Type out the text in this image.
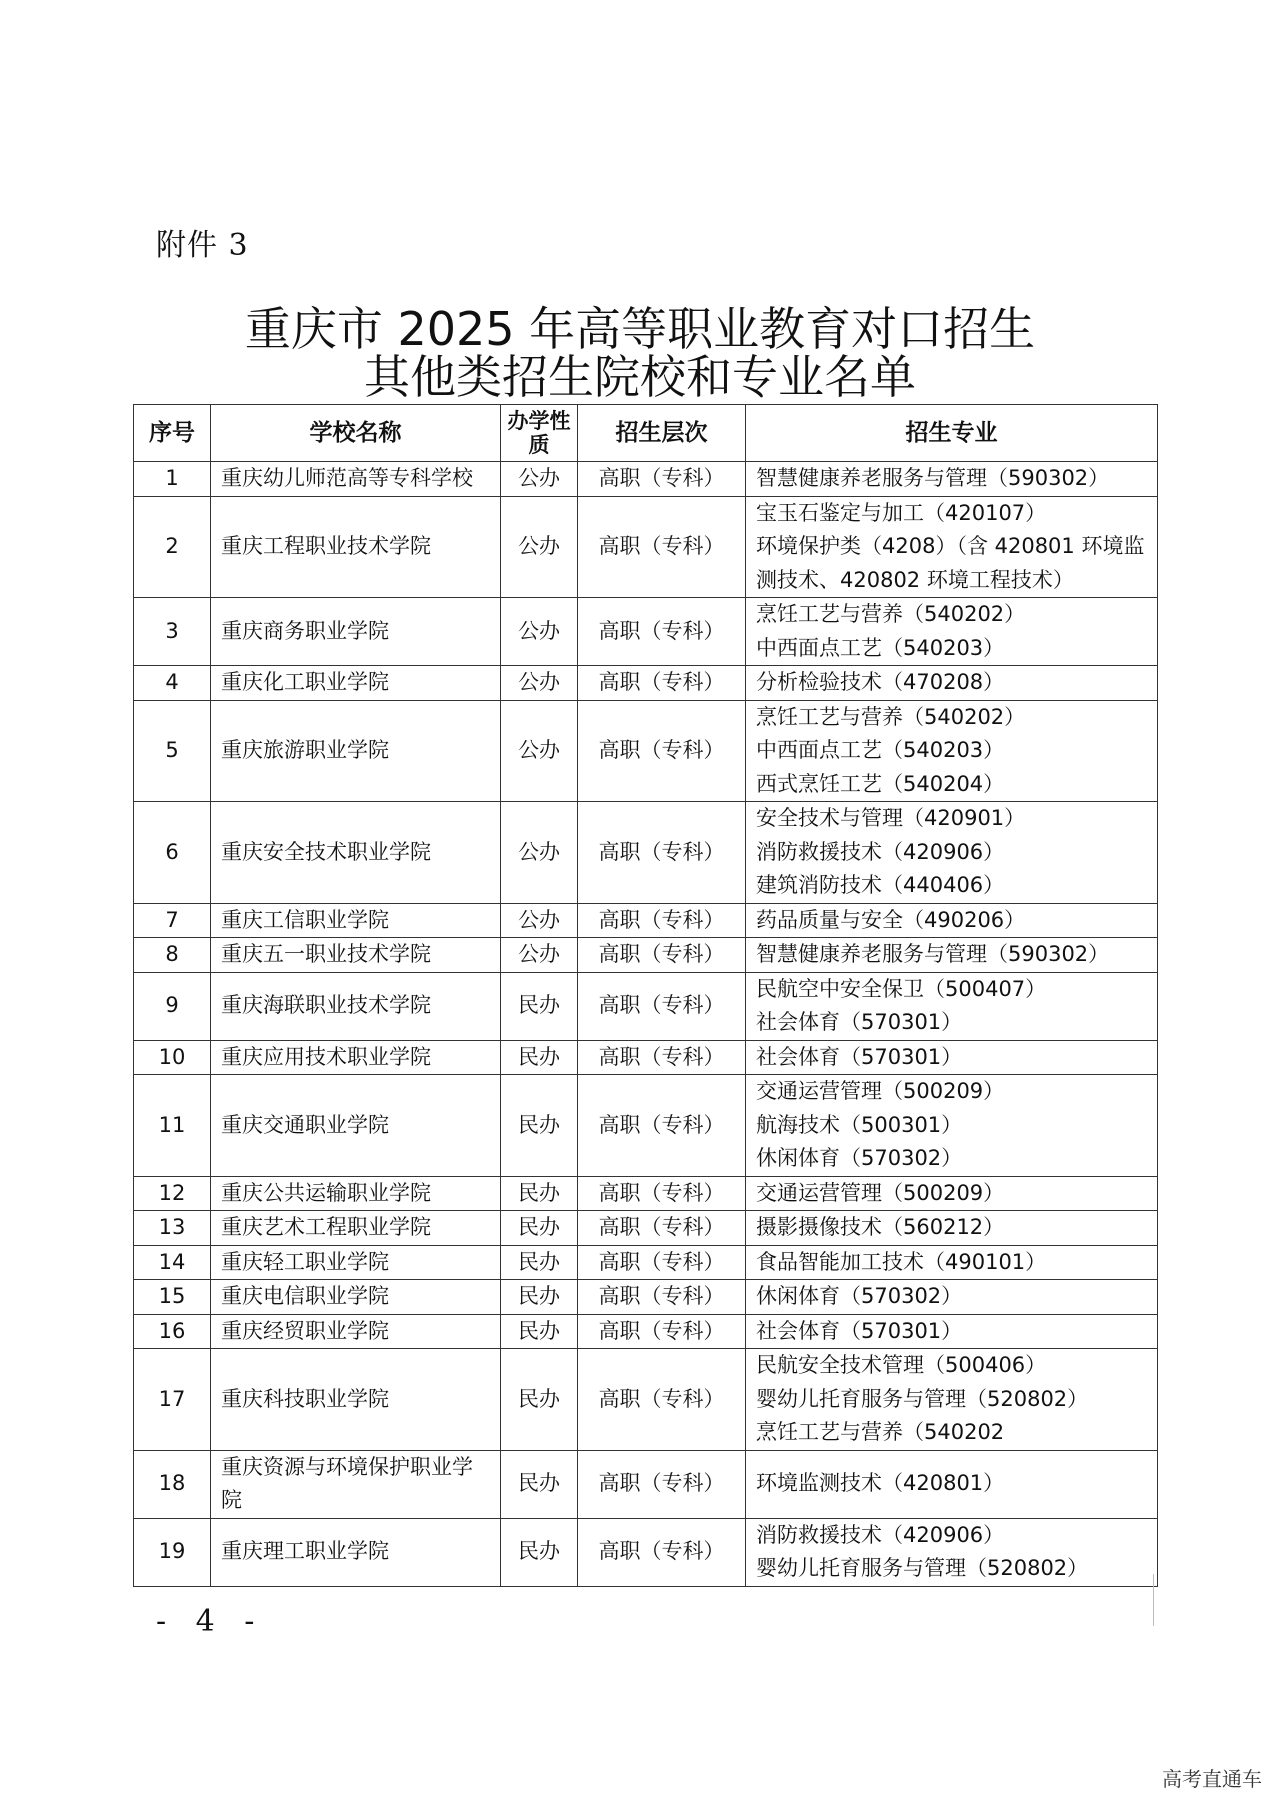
附件 3
重庆市 2025 年高等职业教育对口招生
其他类招生院校和专业名单
序号	学校名称	办学性质	招生层次	招生专业
1	重庆幼儿师范高等专科学校	公办	高职（专科）	智慧健康养老服务与管理（590302）

2	重庆工程职业技术学院	公办	高职（专科）	宝玉石鉴定与加工（420107）
环境保护类（4208）（含 420801 环境监
测技术、420802 环境工程技术）

3	重庆商务职业学院	公办	高职（专科）	烹饪工艺与营养（540202）
中西面点工艺（540203）

4	重庆化工职业学院	公办	高职（专科）	分析检验技术（470208）

5	重庆旅游职业学院	公办	高职（专科）	烹饪工艺与营养（540202）
中西面点工艺（540203）
西式烹饪工艺（540204）

6	重庆安全技术职业学院	公办	高职（专科）	安全技术与管理（420901）
消防救援技术（420906）
建筑消防技术（440406）

7	重庆工信职业学院	公办	高职（专科）	药品质量与安全（490206）

8	重庆五一职业技术学院	公办	高职（专科）	智慧健康养老服务与管理（590302）

9	重庆海联职业技术学院	民办	高职（专科）	民航空中安全保卫（500407）
社会体育（570301）

10	重庆应用技术职业学院	民办	高职（专科）	社会体育（570301）

11	重庆交通职业学院	民办	高职（专科）	交通运营管理（500209）
航海技术（500301）
休闲体育（570302）

12	重庆公共运输职业学院	民办	高职（专科）	交通运营管理（500209）

13	重庆艺术工程职业学院	民办	高职（专科）	摄影摄像技术（560212）

14	重庆轻工职业学院	民办	高职（专科）	食品智能加工技术（490101）

15	重庆电信职业学院	民办	高职（专科）	休闲体育（570302）

16	重庆经贸职业学院	民办	高职（专科）	社会体育（570301）

17	重庆科技职业学院	民办	高职（专科）	民航安全技术管理（500406）
婴幼儿托育服务与管理（520802）
烹饪工艺与营养（540202

18	重庆资源与环境保护职业学院	民办	高职（专科）	环境监测技术（420801）

19	重庆理工职业学院	民办	高职（专科）	消防救援技术（420906）
婴幼儿托育服务与管理（520802）
- 4 -
高考直通车
